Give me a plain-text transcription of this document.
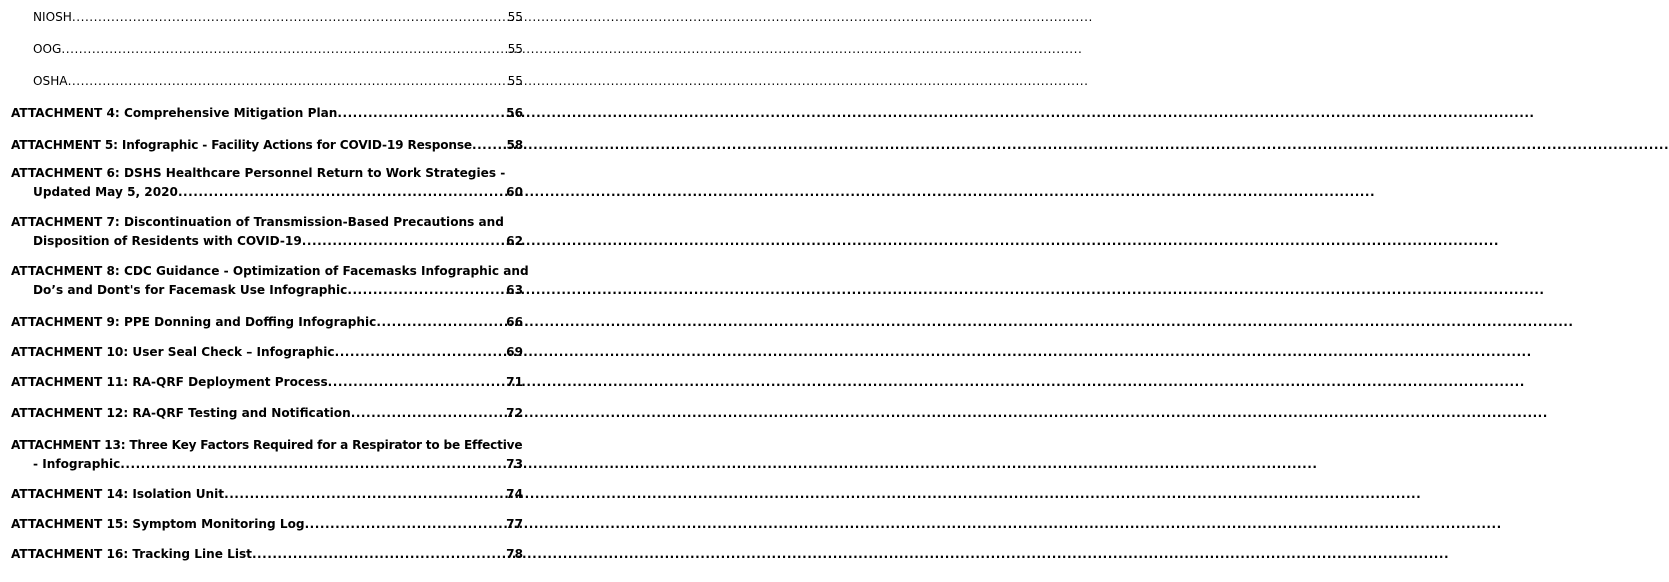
NIOSH .....	55
OOG .....	55
OSHA .....	55
ATTACHMENT 4: Comprehensive Mitigation Plan .....	56
ATTACHMENT 5: Infographic - Facility Actions for COVID-19 Response .....	58
ATTACHMENT 6: DSHS Healthcare Personnel Return to Work Strategies -
Updated May 5, 2020 .....	60
ATTACHMENT 7: Discontinuation of Transmission-Based Precautions and
Disposition of Residents with COVID-19 .....	62
ATTACHMENT 8: CDC Guidance - Optimization of Facemasks Infographic and
Do’s and Dont's for Facemask Use Infographic .....	63
ATTACHMENT 9: PPE Donning and Doffing Infographic .....	66
ATTACHMENT 10: User Seal Check – Infographic .....	69
ATTACHMENT 11: RA-QRF Deployment Process .....	71
ATTACHMENT 12: RA-QRF Testing and Notification .....	72
ATTACHMENT 13: Three Key Factors Required for a Respirator to be Effective
- Infographic .....	73
ATTACHMENT 14: Isolation Unit .....	74
ATTACHMENT 15: Symptom Monitoring Log .....	77
ATTACHMENT 16: Tracking Line List .....	78
